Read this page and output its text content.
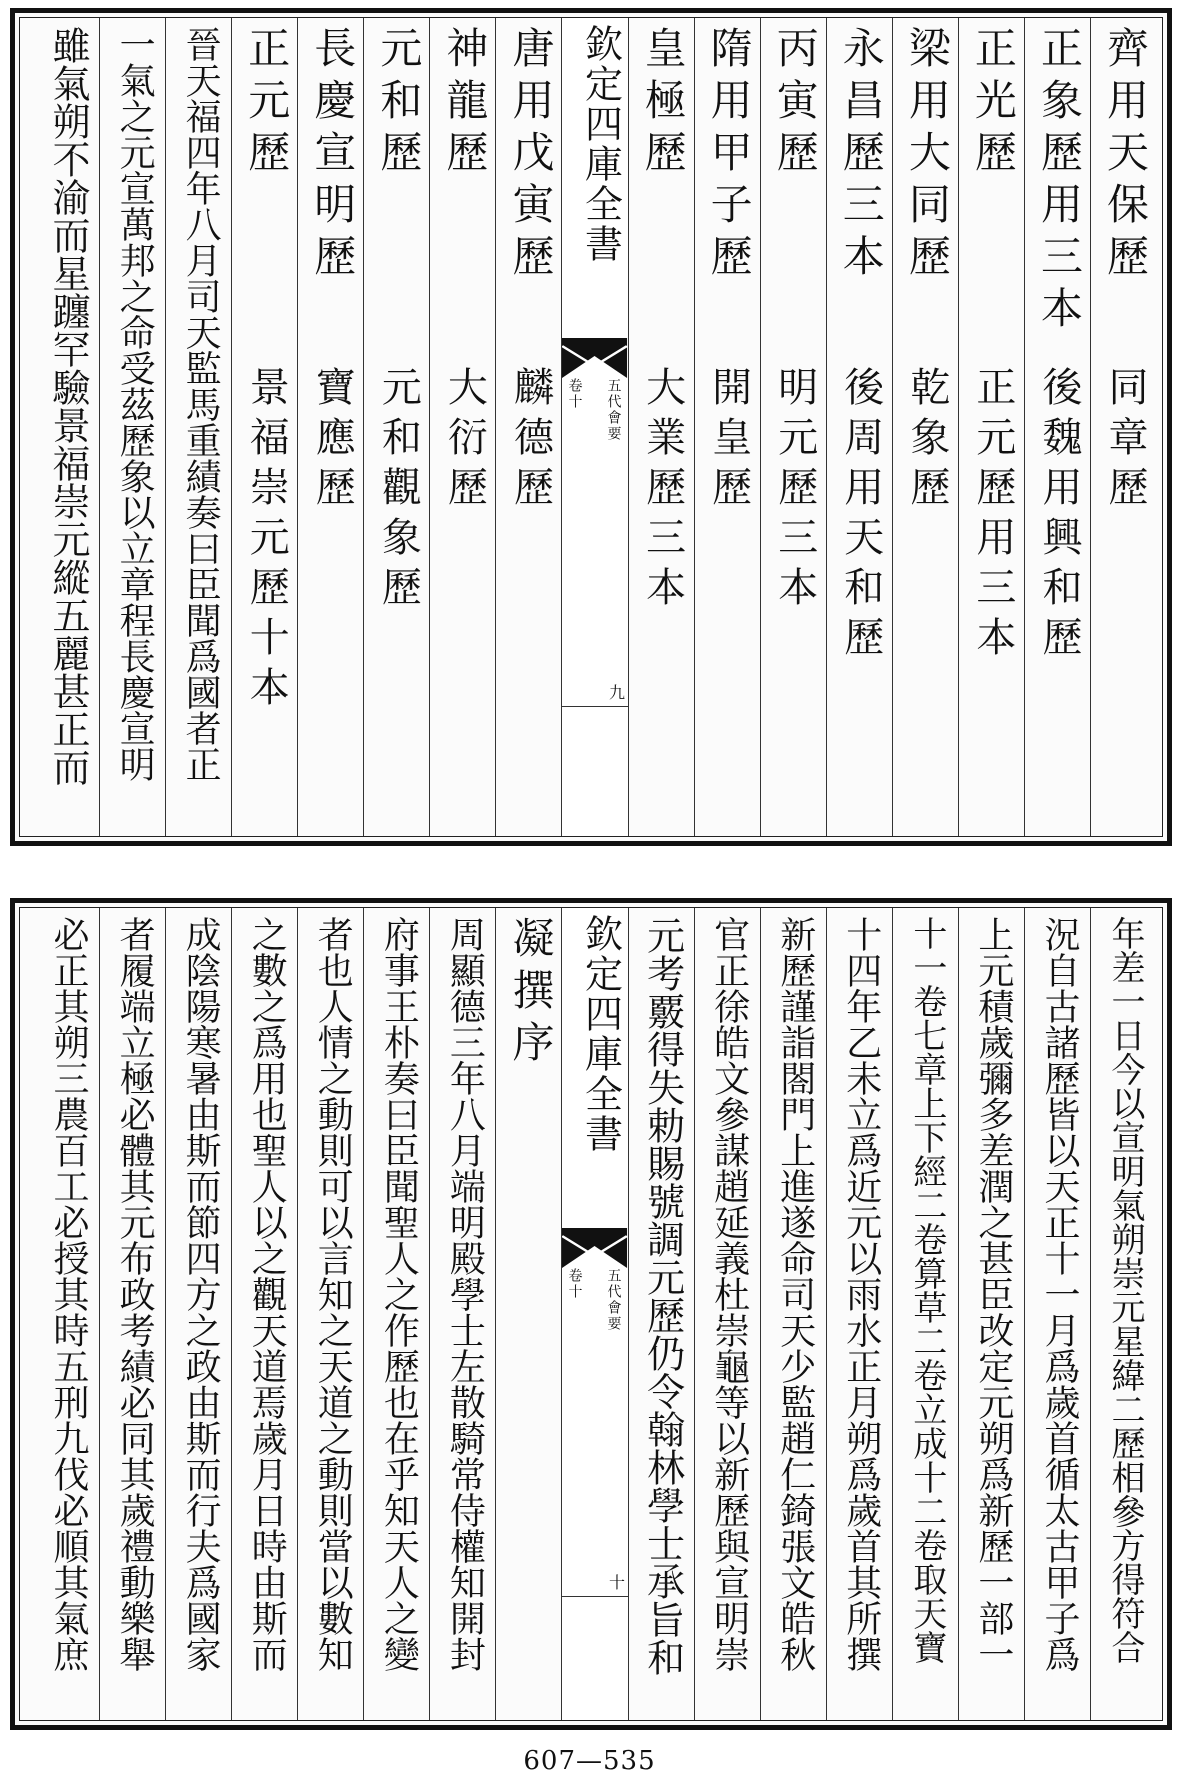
齊用天保歷
同章歷
正象歷用三本
後魏用興和歷
正光歷
正元歷用三本
梁用大同歷
乾象歷
永昌歷三本
後周用天和歷
丙寅歷
明元歷三本
隋用甲子歷
開皇歷
皇極歷
大業歷三本
欽定四庫全書
五代會要
卷十
九
唐用戊寅歷
麟德歷
神龍歷
大衍歷
元和歷
元和觀象歷
長慶宣明歷
寶應歷
正元歷
景福崇元歷十本
晉天福四年八月司天監馬重績奏曰臣聞爲國者正
一氣之元宣萬邦之命受茲歷象以立章程長慶宣明
雖氣朔不渝而星躔罕驗景福崇元縱五麗甚正而
年差一日今以宣明氣朔崇元星緯二歷相參方得符合
況自古諸歷皆以天正十一月爲歲首循太古甲子爲
上元積歲彌多差潤之甚臣改定元朔爲新歷一部一
十一卷七章上下經二卷算草二卷立成十二卷取天寶
十四年乙未立爲近元以雨水正月朔爲歲首其所撰
新歷謹詣閤門上進遂命司天少監趙仁錡張文皓秋
官正徐皓文參謀趙延義杜崇龜等以新歷與宣明崇
元考覈得失勅賜號調元歷仍令翰林學士承旨和
欽定四庫全書
五代會要
卷十
十
凝撰序
周顯德三年八月端明殿學士左散騎常侍權知開封
府事王朴奏曰臣聞聖人之作歷也在乎知天人之變
者也人情之動則可以言知之天道之動則當以數知
之數之爲用也聖人以之觀天道焉歲月日時由斯而
成陰陽寒暑由斯而節四方之政由斯而行夫爲國家
者履端立極必體其元布政考績必同其歲禮動樂舉
必正其朔三農百工必授其時五刑九伐必順其氣庶
607—535
